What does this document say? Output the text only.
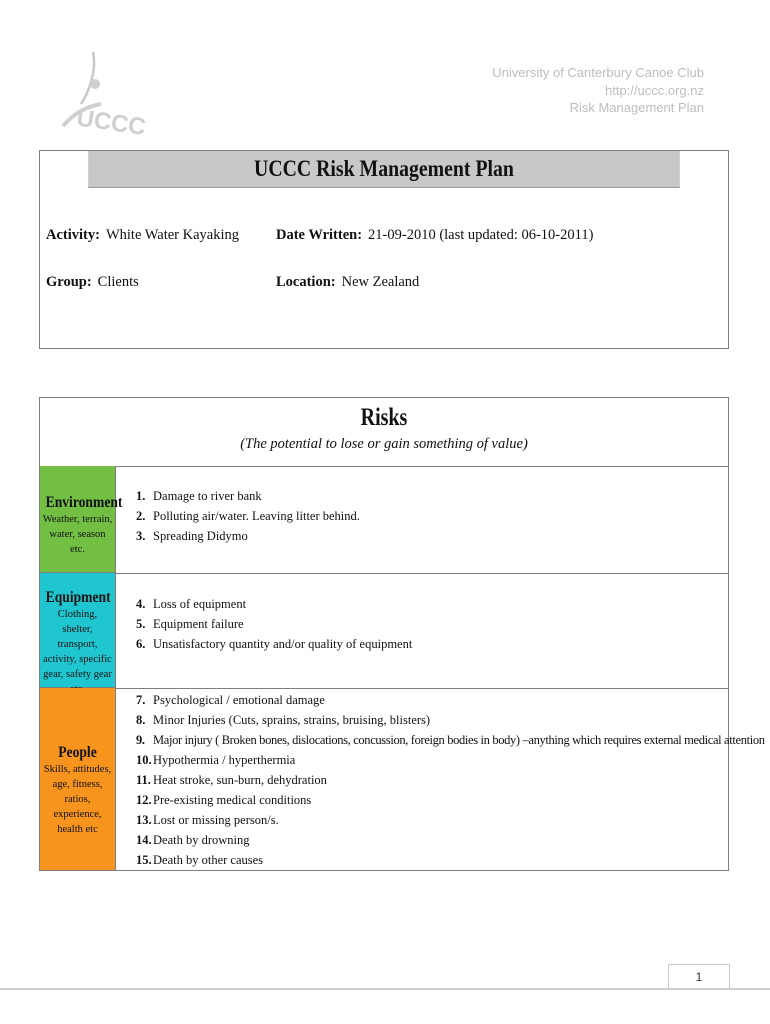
UCCC
University of Canterbury Canoe Club
http://uccc.org.nz
Risk Management Plan
UCCC Risk Management Plan
Activity: White Water Kayaking	Date Written: 21-09-2010 (last updated: 06-10-2011)
Group: Clients	Location: New Zealand
Risks
(The potential to lose or gain something of value)
Environment
Weather, terrain, water, season etc.
Equipment
Clothing, shelter, transport, activity, specific gear, safety gear
People
Skills, attitudes, age, fitness, ratios, experience, health etc
1. Damage to river bank
2. Polluting air/water. Leaving litter behind.
3. Spreading Didymo
4. Loss of equipment
5. Equipment failure
6. Unsatisfactory quantity and/or quality of equipment
7. Psychological / emotional damage
8. Minor Injuries (Cuts, sprains, strains, bruising, blisters)
9. Major injury ( Broken bones, dislocations, concussion, foreign bodies in body) –anything which requires external medical attention
10.Hypothermia / hyperthermia
11. Heat stroke, sun-burn, dehydration
12.Pre-existing medical conditions
13.Lost or missing person/s.
14.Death by drowning
15.Death by other causes
1
